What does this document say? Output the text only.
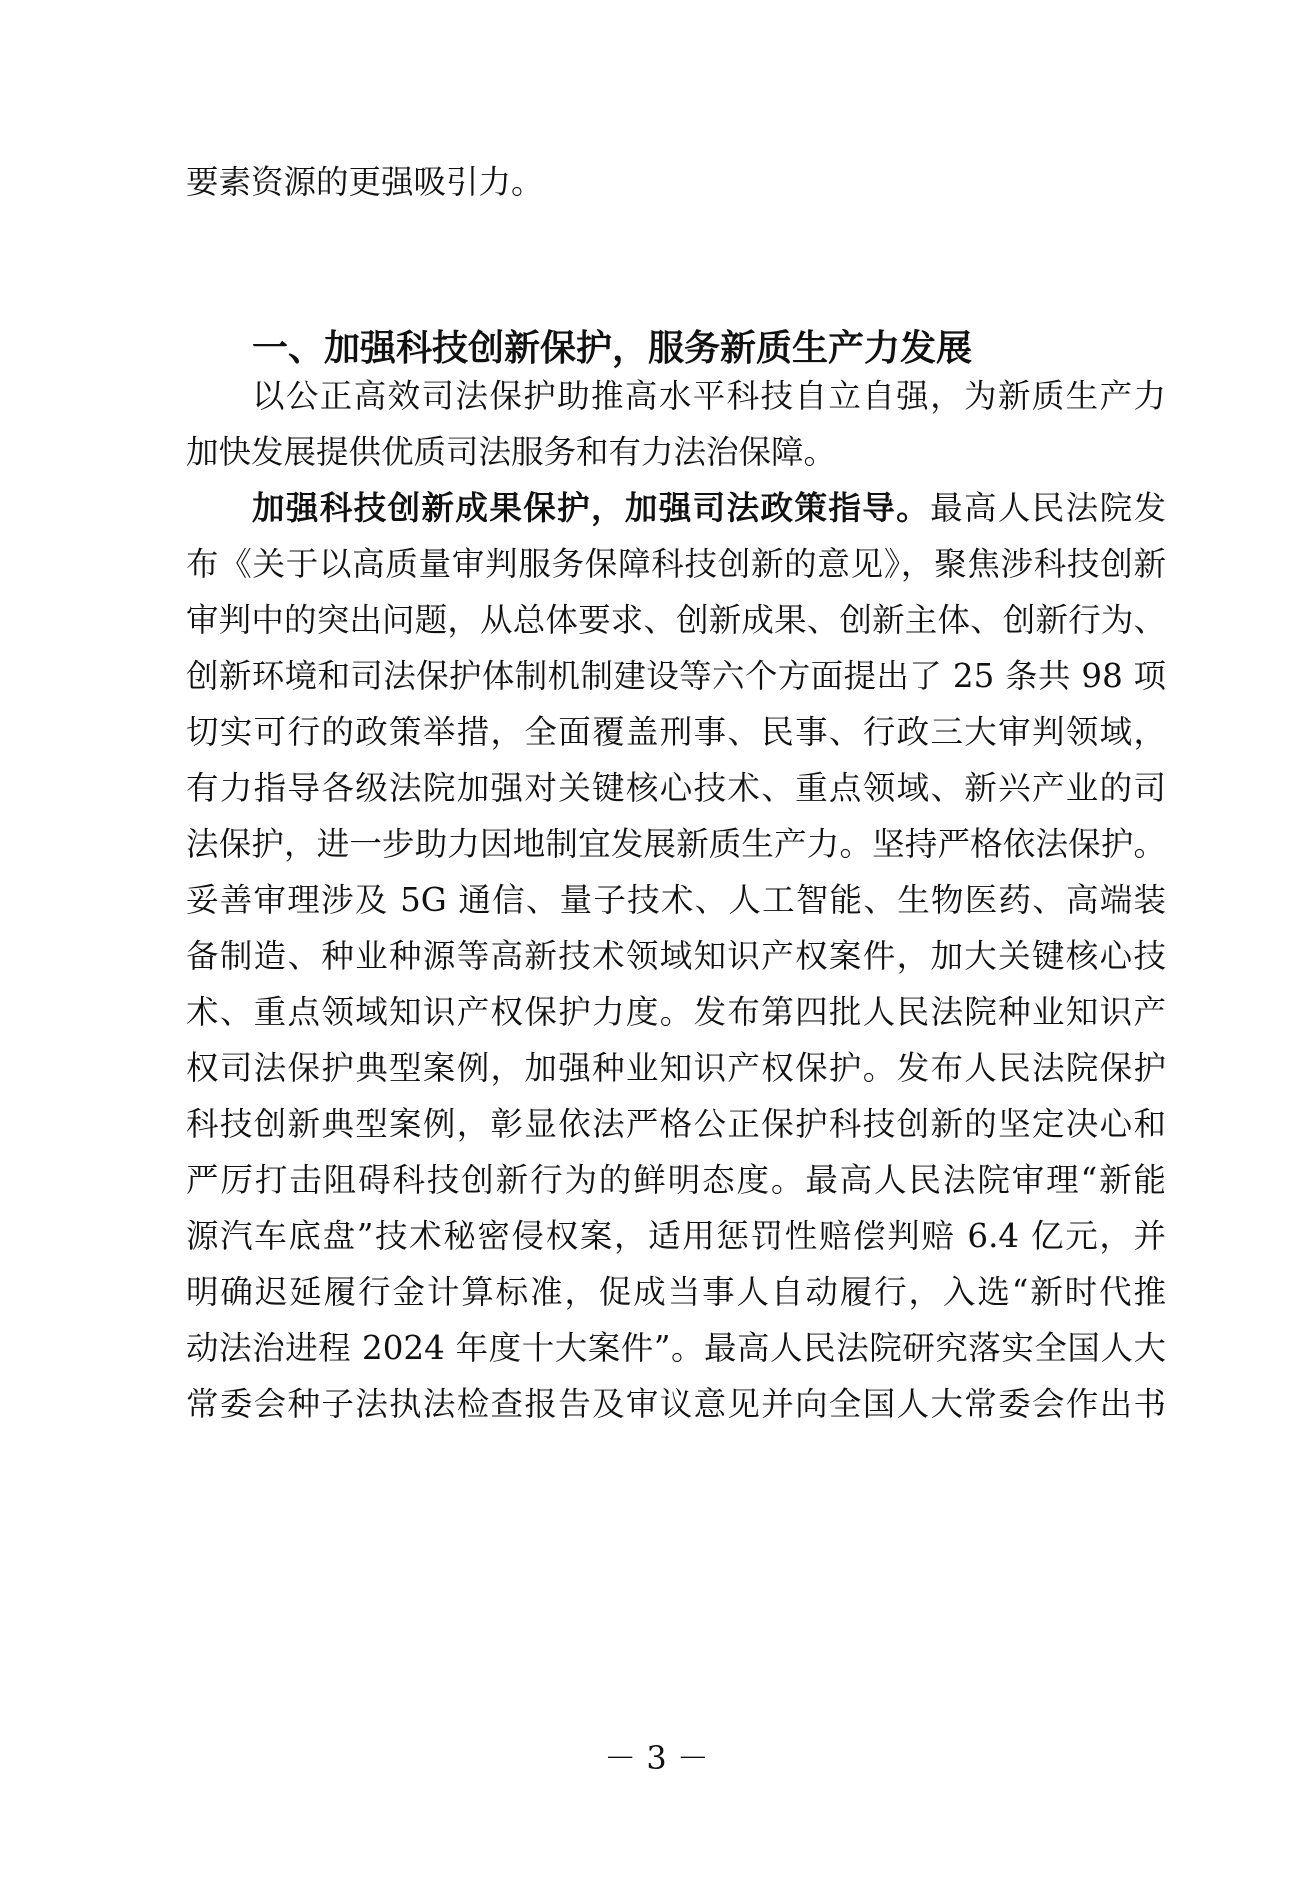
要素资源的更强吸引力。
一、加强科技创新保护，服务新质生产力发展
以公正高效司法保护助推高水平科技自立自强，为新质生产力
加快发展提供优质司法服务和有力法治保障。
加强科技创新成果保护，加强司法政策指导。最高人民法院发
布《关于以高质量审判服务保障科技创新的意见》，聚焦涉科技创新
审判中的突出问题，从总体要求、创新成果、创新主体、创新行为、
创新环境和司法保护体制机制建设等六个方面提出了 25 条共 98 项
切实可行的政策举措，全面覆盖刑事、民事、行政三大审判领域，
有力指导各级法院加强对关键核心技术、重点领域、新兴产业的司
法保护，进一步助力因地制宜发展新质生产力。坚持严格依法保护。
妥善审理涉及 5G 通信、量子技术、人工智能、生物医药、高端装
备制造、种业种源等高新技术领域知识产权案件，加大关键核心技
术、重点领域知识产权保护力度。发布第四批人民法院种业知识产
权司法保护典型案例，加强种业知识产权保护。发布人民法院保护
科技创新典型案例，彰显依法严格公正保护科技创新的坚定决心和
严厉打击阻碍科技创新行为的鲜明态度。最高人民法院审理“新能
源汽车底盘”技术秘密侵权案，适用惩罚性赔偿判赔 6.4 亿元，并
明确迟延履行金计算标准，促成当事人自动履行，入选“新时代推
动法治进程 2024 年度十大案件”。最高人民法院研究落实全国人大
常委会种子法执法检查报告及审议意见并向全国人大常委会作出书
－ 3 －
